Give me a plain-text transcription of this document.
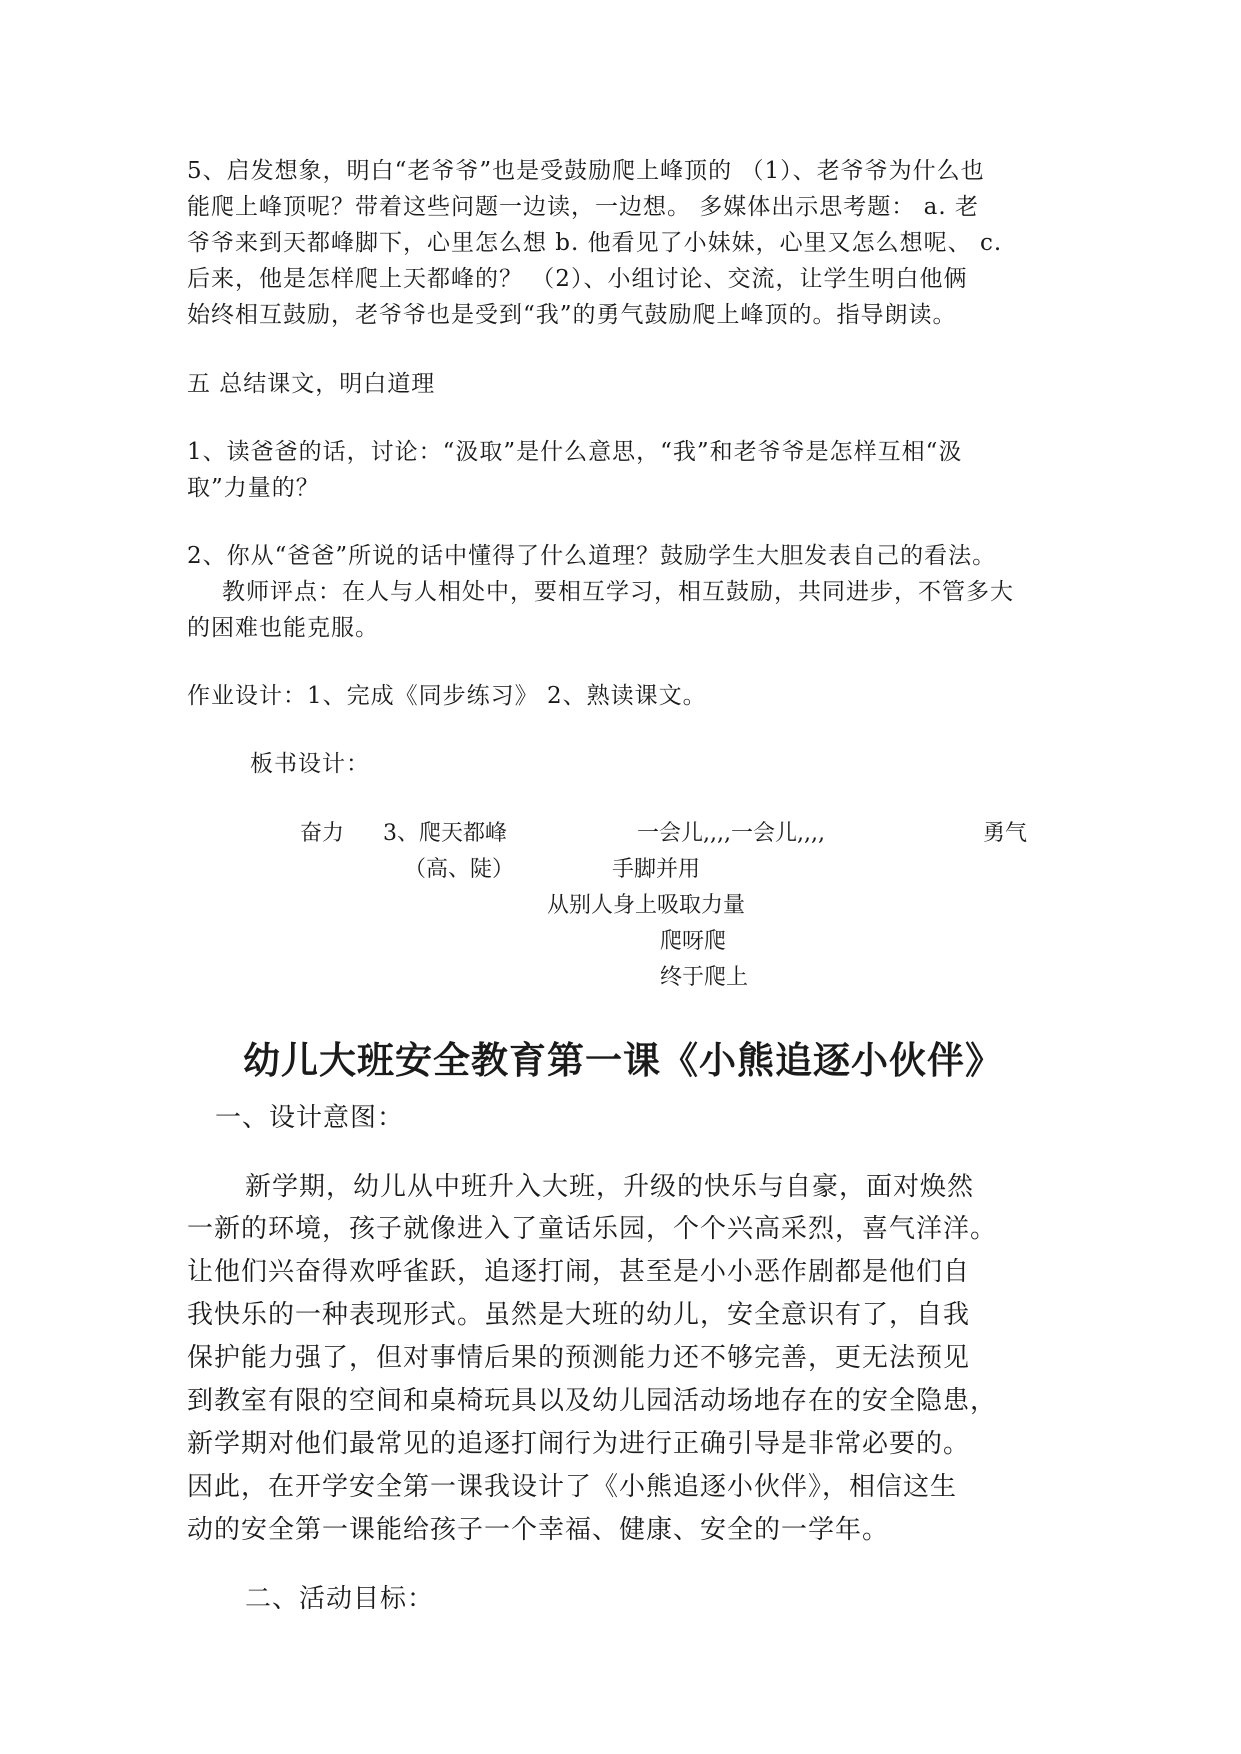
5、启发想象，明白“老爷爷”也是受鼓励爬上峰顶的 （1）、老爷爷为什么也
能爬上峰顶呢？带着这些问题一边读，一边想。 多媒体出示思考题： a. 老
爷爷来到天都峰脚下，心里怎么想 b. 他看见了小妹妹，心里又怎么想呢、 c.
后来，他是怎样爬上天都峰的？ （2）、小组讨论、交流，让学生明白他俩
始终相互鼓励，老爷爷也是受到“我”的勇气鼓励爬上峰顶的。指导朗读。
五 总结课文，明白道理
1、读爸爸的话，讨论：“汲取”是什么意思，“我”和老爷爷是怎样互相“汲
取”力量的？
2、你从“爸爸”所说的话中懂得了什么道理？鼓励学生大胆发表自己的看法。
教师评点：在人与人相处中，要相互学习，相互鼓励，共同进步，不管多大
的困难也能克服。
作业设计：1、完成《同步练习》 2、熟读课文。
板书设计：
奋力 3、爬天都峰	一会儿,,,,一会儿,,,,	勇气
（高、陡）	手脚并用
从别人身上吸取力量
爬呀爬
终于爬上
幼儿大班安全教育第一课《小熊追逐小伙伴》
一、设计意图：
新学期，幼儿从中班升入大班，升级的快乐与自豪，面对焕然
一新的环境，孩子就像进入了童话乐园，个个兴高采烈，喜气洋洋。
让他们兴奋得欢呼雀跃，追逐打闹，甚至是小小恶作剧都是他们自
我快乐的一种表现形式。虽然是大班的幼儿，安全意识有了，自我
保护能力强了，但对事情后果的预测能力还不够完善，更无法预见
到教室有限的空间和桌椅玩具以及幼儿园活动场地存在的安全隐患，
新学期对他们最常见的追逐打闹行为进行正确引导是非常必要的。
因此，在开学安全第一课我设计了《小熊追逐小伙伴》，相信这生
动的安全第一课能给孩子一个幸福、健康、安全的一学年。
二、活动目标：
